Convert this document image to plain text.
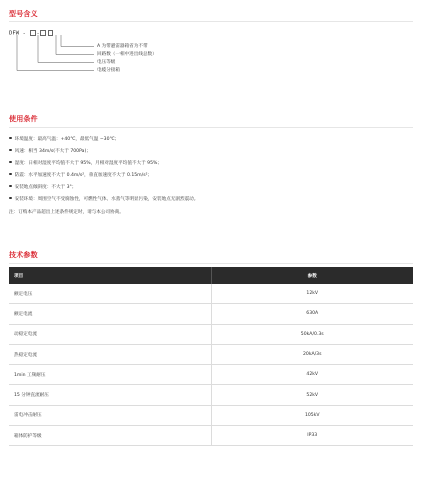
型号含义
DFW - -
A 为带避雷器箱省为不带
回路数（一相中进出线总数）
电压等级
电缆分接箱
使用条件
环境温度：最高气温：+40℃，最低气温 −30℃；
风速：相当 34m/s(不大于 700Pa)；
湿度：日相对湿度平均值不大于 95%，月相对湿度平均值不大于 95%；
防震：水平加速度不大于 0.4m/s²，垂直加速度不大于 0.15m/s²；
安装地点倾斜度：不大于 3°；
安装环境：周围空气不受腐蚀性，可燃性气体、水蒸气等明显污染，安装地点无剧烈震动。
注：订购本产品超出上述条件规定时，请与本公司协商。
技术参数
项目	参数
额定电压	12kV
额定电流	630A
动稳定电流	50kA/0.3s
热稳定电流	20kA/3s
1min 工频耐压	42kV
15 分钟直流耐压	52kV
雷电冲击耐压	105kV
箱体防护等级	IP33
